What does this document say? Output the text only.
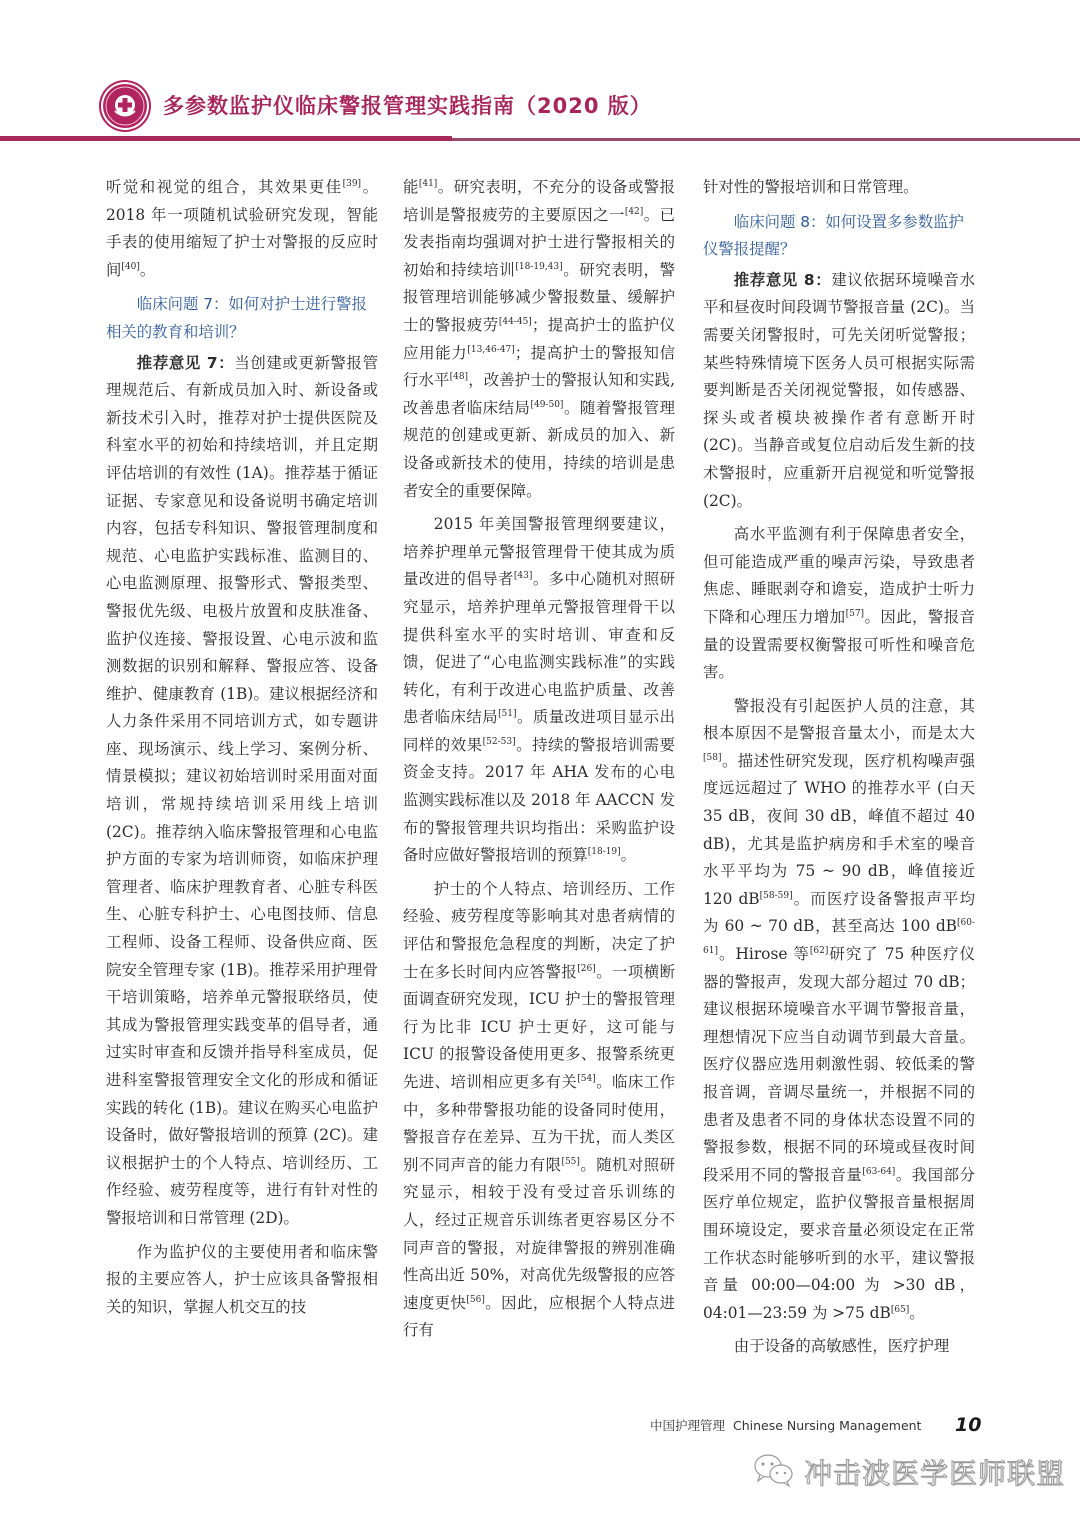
多参数监护仪临床警报管理实践指南（2020 版）

听觉和视觉的组合，其效果更佳[39]。2018 年一项随机试验研究发现，智能手表的使用缩短了护士对警报的反应时间[40]。

临床问题 7：如何对护士进行警报相关的教育和培训？

推荐意见 7：当创建或更新警报管理规范后、有新成员加入时、新设备或新技术引入时，推荐对护士提供医院及科室水平的初始和持续培训，并且定期评估培训的有效性 (1A)。推荐基于循证证据、专家意见和设备说明书确定培训内容，包括专科知识、警报管理制度和规范、心电监护实践标准、监测目的、心电监测原理、报警形式、警报类型、警报优先级、电极片放置和皮肤准备、监护仪连接、警报设置、心电示波和监测数据的识别和解释、警报应答、设备维护、健康教育 (1B)。建议根据经济和人力条件采用不同培训方式，如专题讲座、现场演示、线上学习、案例分析、情景模拟；建议初始培训时采用面对面培训，常规持续培训采用线上培训 (2C)。推荐纳入临床警报管理和心电监护方面的专家为培训师资，如临床护理管理者、临床护理教育者、心脏专科医生、心脏专科护士、心电图技师、信息工程师、设备工程师、设备供应商、医院安全管理专家 (1B)。推荐采用护理骨干培训策略，培养单元警报联络员，使其成为警报管理实践变革的倡导者，通过实时审查和反馈并指导科室成员，促进科室警报管理安全文化的形成和循证实践的转化 (1B)。建议在购买心电监护设备时，做好警报培训的预算 (2C)。建议根据护士的个人特点、培训经历、工作经验、疲劳程度等，进行有针对性的警报培训和日常管理 (2D)。

作为监护仪的主要使用者和临床警报的主要应答人，护士应该具备警报相关的知识，掌握人机交互的技

能[41]。研究表明，不充分的设备或警报培训是警报疲劳的主要原因之一[42]。已发表指南均强调对护士进行警报相关的初始和持续培训[18-19,43]。研究表明，警报管理培训能够减少警报数量、缓解护士的警报疲劳[44-45]；提高护士的监护仪应用能力[13,46-47]；提高护士的警报知信行水平[48]，改善护士的警报认知和实践,改善患者临床结局[49-50]。随着警报管理规范的创建或更新、新成员的加入、新设备或新技术的使用，持续的培训是患者安全的重要保障。

2015 年美国警报管理纲要建议，培养护理单元警报管理骨干使其成为质量改进的倡导者[43]。多中心随机对照研究显示，培养护理单元警报管理骨干以提供科室水平的实时培训、审查和反馈，促进了“心电监测实践标准”的实践转化，有利于改进心电监护质量、改善患者临床结局[51]。质量改进项目显示出同样的效果[52-53]。持续的警报培训需要资金支持。2017 年 AHA 发布的心电监测实践标准以及 2018 年 AACCN 发布的警报管理共识均指出：采购监护设备时应做好警报培训的预算[18-19]。

护士的个人特点、培训经历、工作经验、疲劳程度等影响其对患者病情的评估和警报危急程度的判断，决定了护士在多长时间内应答警报[26]。一项横断面调查研究发现，ICU 护士的警报管理行为比非 ICU 护士更好，这可能与 ICU 的报警设备使用更多、报警系统更先进、培训相应更多有关[54]。临床工作中，多种带警报功能的设备同时使用，警报音存在差异、互为干扰，而人类区别不同声音的能力有限[55]。随机对照研究显示，相较于没有受过音乐训练的人，经过正规音乐训练者更容易区分不同声音的警报，对旋律警报的辨别准确性高出近 50%，对高优先级警报的应答速度更快[56]。因此，应根据个人特点进行有

针对性的警报培训和日常管理。

临床问题 8：如何设置多参数监护仪警报提醒？

推荐意见 8：建议依据环境噪音水平和昼夜时间段调节警报音量 (2C)。当需要关闭警报时，可先关闭听觉警报；某些特殊情境下医务人员可根据实际需要判断是否关闭视觉警报，如传感器、探头或者模块被操作者有意断开时 (2C)。当静音或复位启动后发生新的技术警报时，应重新开启视觉和听觉警报 (2C)。

高水平监测有利于保障患者安全，但可能造成严重的噪声污染，导致患者焦虑、睡眠剥夺和谵妄，造成护士听力下降和心理压力增加[57]。因此，警报音量的设置需要权衡警报可听性和噪音危害。

警报没有引起医护人员的注意，其根本原因不是警报音量太小，而是太大[58]。描述性研究发现，医疗机构噪声强度远远超过了 WHO 的推荐水平 (白天 35 dB，夜间 30 dB，峰值不超过 40 dB)，尤其是监护病房和手术室的噪音水平平均为 75 ~ 90 dB，峰值接近 120 dB[58-59]。而医疗设备警报声平均为 60 ~ 70 dB，甚至高达 100 dB[60-61]。Hirose 等[62]研究了 75 种医疗仪器的警报声，发现大部分超过 70 dB；建议根据环境噪音水平调节警报音量，理想情况下应当自动调节到最大音量。医疗仪器应选用刺激性弱、较低柔的警报音调，音调尽量统一，并根据不同的患者及患者不同的身体状态设置不同的警报参数，根据不同的环境或昼夜时间段采用不同的警报音量[63-64]。我国部分医疗单位规定，监护仪警报音量根据周围环境设定，要求音量必须设定在正常工作状态时能够听到的水平，建议警报音量 00:00—04:00 为 >30 dB，04:01—23:59 为 >75 dB[65]。

由于设备的高敏感性，医疗护理

中国护理管理 Chinese Nursing Management 10
冲击波医学医师联盟
